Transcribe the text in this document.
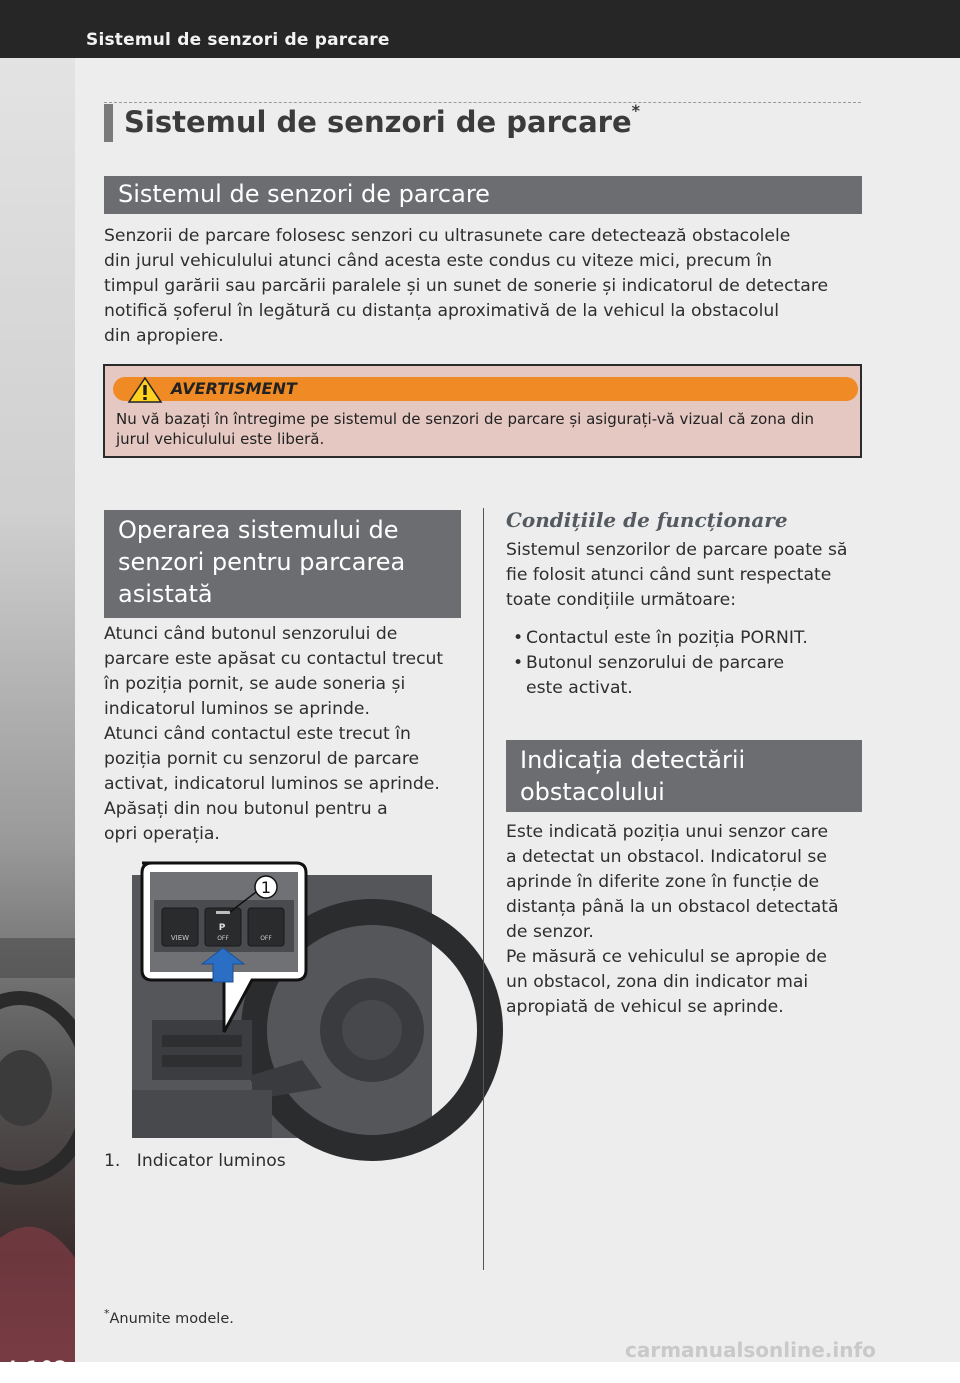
Sistemul de senzori de parcare
4-102
Sistemul de senzori de parcare*
Sistemul de senzori de parcare
Senzorii de parcare folosesc senzori cu ultrasunete care detectează obstacolele
din jurul vehiculului atunci când acesta este condus cu viteze mici, precum în
timpul garării sau parcării paralele și un sunet de sonerie și indicatorul de detectare
notifică șoferul în legătură cu distanța aproximativă de la vehicul la obstacolul
din apropiere.
AVERTISMENT
Nu vă bazați în întregime pe sistemul de senzori de parcare și asigurați-vă vizual că zona din
jurul vehiculului este liberă.
Operarea sistemului de
senzori pentru parcarea
asistată
Atunci când butonul senzorului de
parcare este apăsat cu contactul trecut
în poziția pornit, se aude soneria și
indicatorul luminos se aprinde.
Atunci când contactul este trecut în
poziția pornit cu senzorul de parcare
activat, indicatorul luminos se aprinde.
Apăsați din nou butonul pentru a
opri operația.
VIEW
P
OFF	OFF
1
1. Indicator luminos
Condițiile de funcționare
Sistemul senzorilor de parcare poate să
fie folosit atunci când sunt respectate
toate condițiile următoare:
• Contactul este în poziția PORNIT.
• Butonul senzorului de parcare
este activat.
Indicația detectării
obstacolului
Este indicată poziția unui senzor care
a detectat un obstacol. Indicatorul se
aprinde în diferite zone în funcție de
distanța până la un obstacol detectată
de senzor.
Pe măsură ce vehiculul se apropie de
un obstacol, zona din indicator mai
apropiată de vehicul se aprinde.
*Anumite modele.
carmanualsonline.info
